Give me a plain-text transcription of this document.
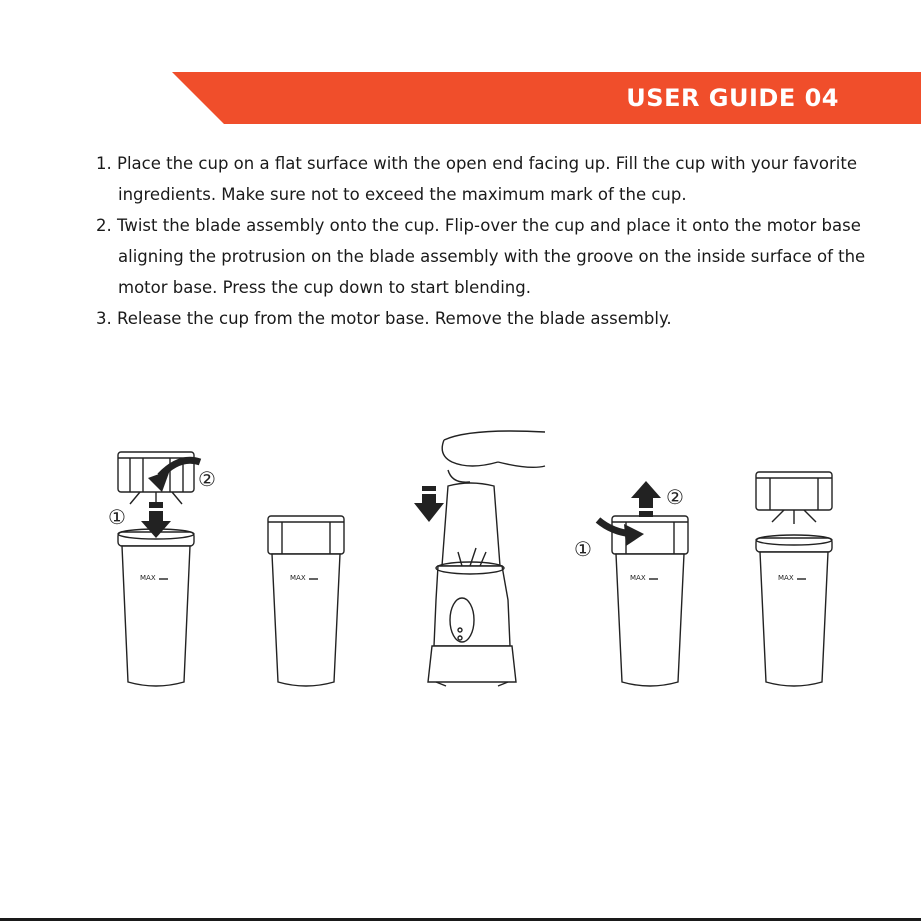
USER GUIDE 04
1. Place the cup on a flat surface with the open end facing up. Fill the cup with your favorite ingredients. Make sure not to exceed the maximum mark of the cup.
2. Twist the blade assembly onto the cup. Flip-over the cup and place it onto the motor base aligning the protrusion on the blade assembly with the groove on the inside surface of the motor base. Press the cup down to start blending.
3. Release the cup from the motor base. Remove the blade assembly.
MAX
①
②
MAX	MAX
①
②
MAX
